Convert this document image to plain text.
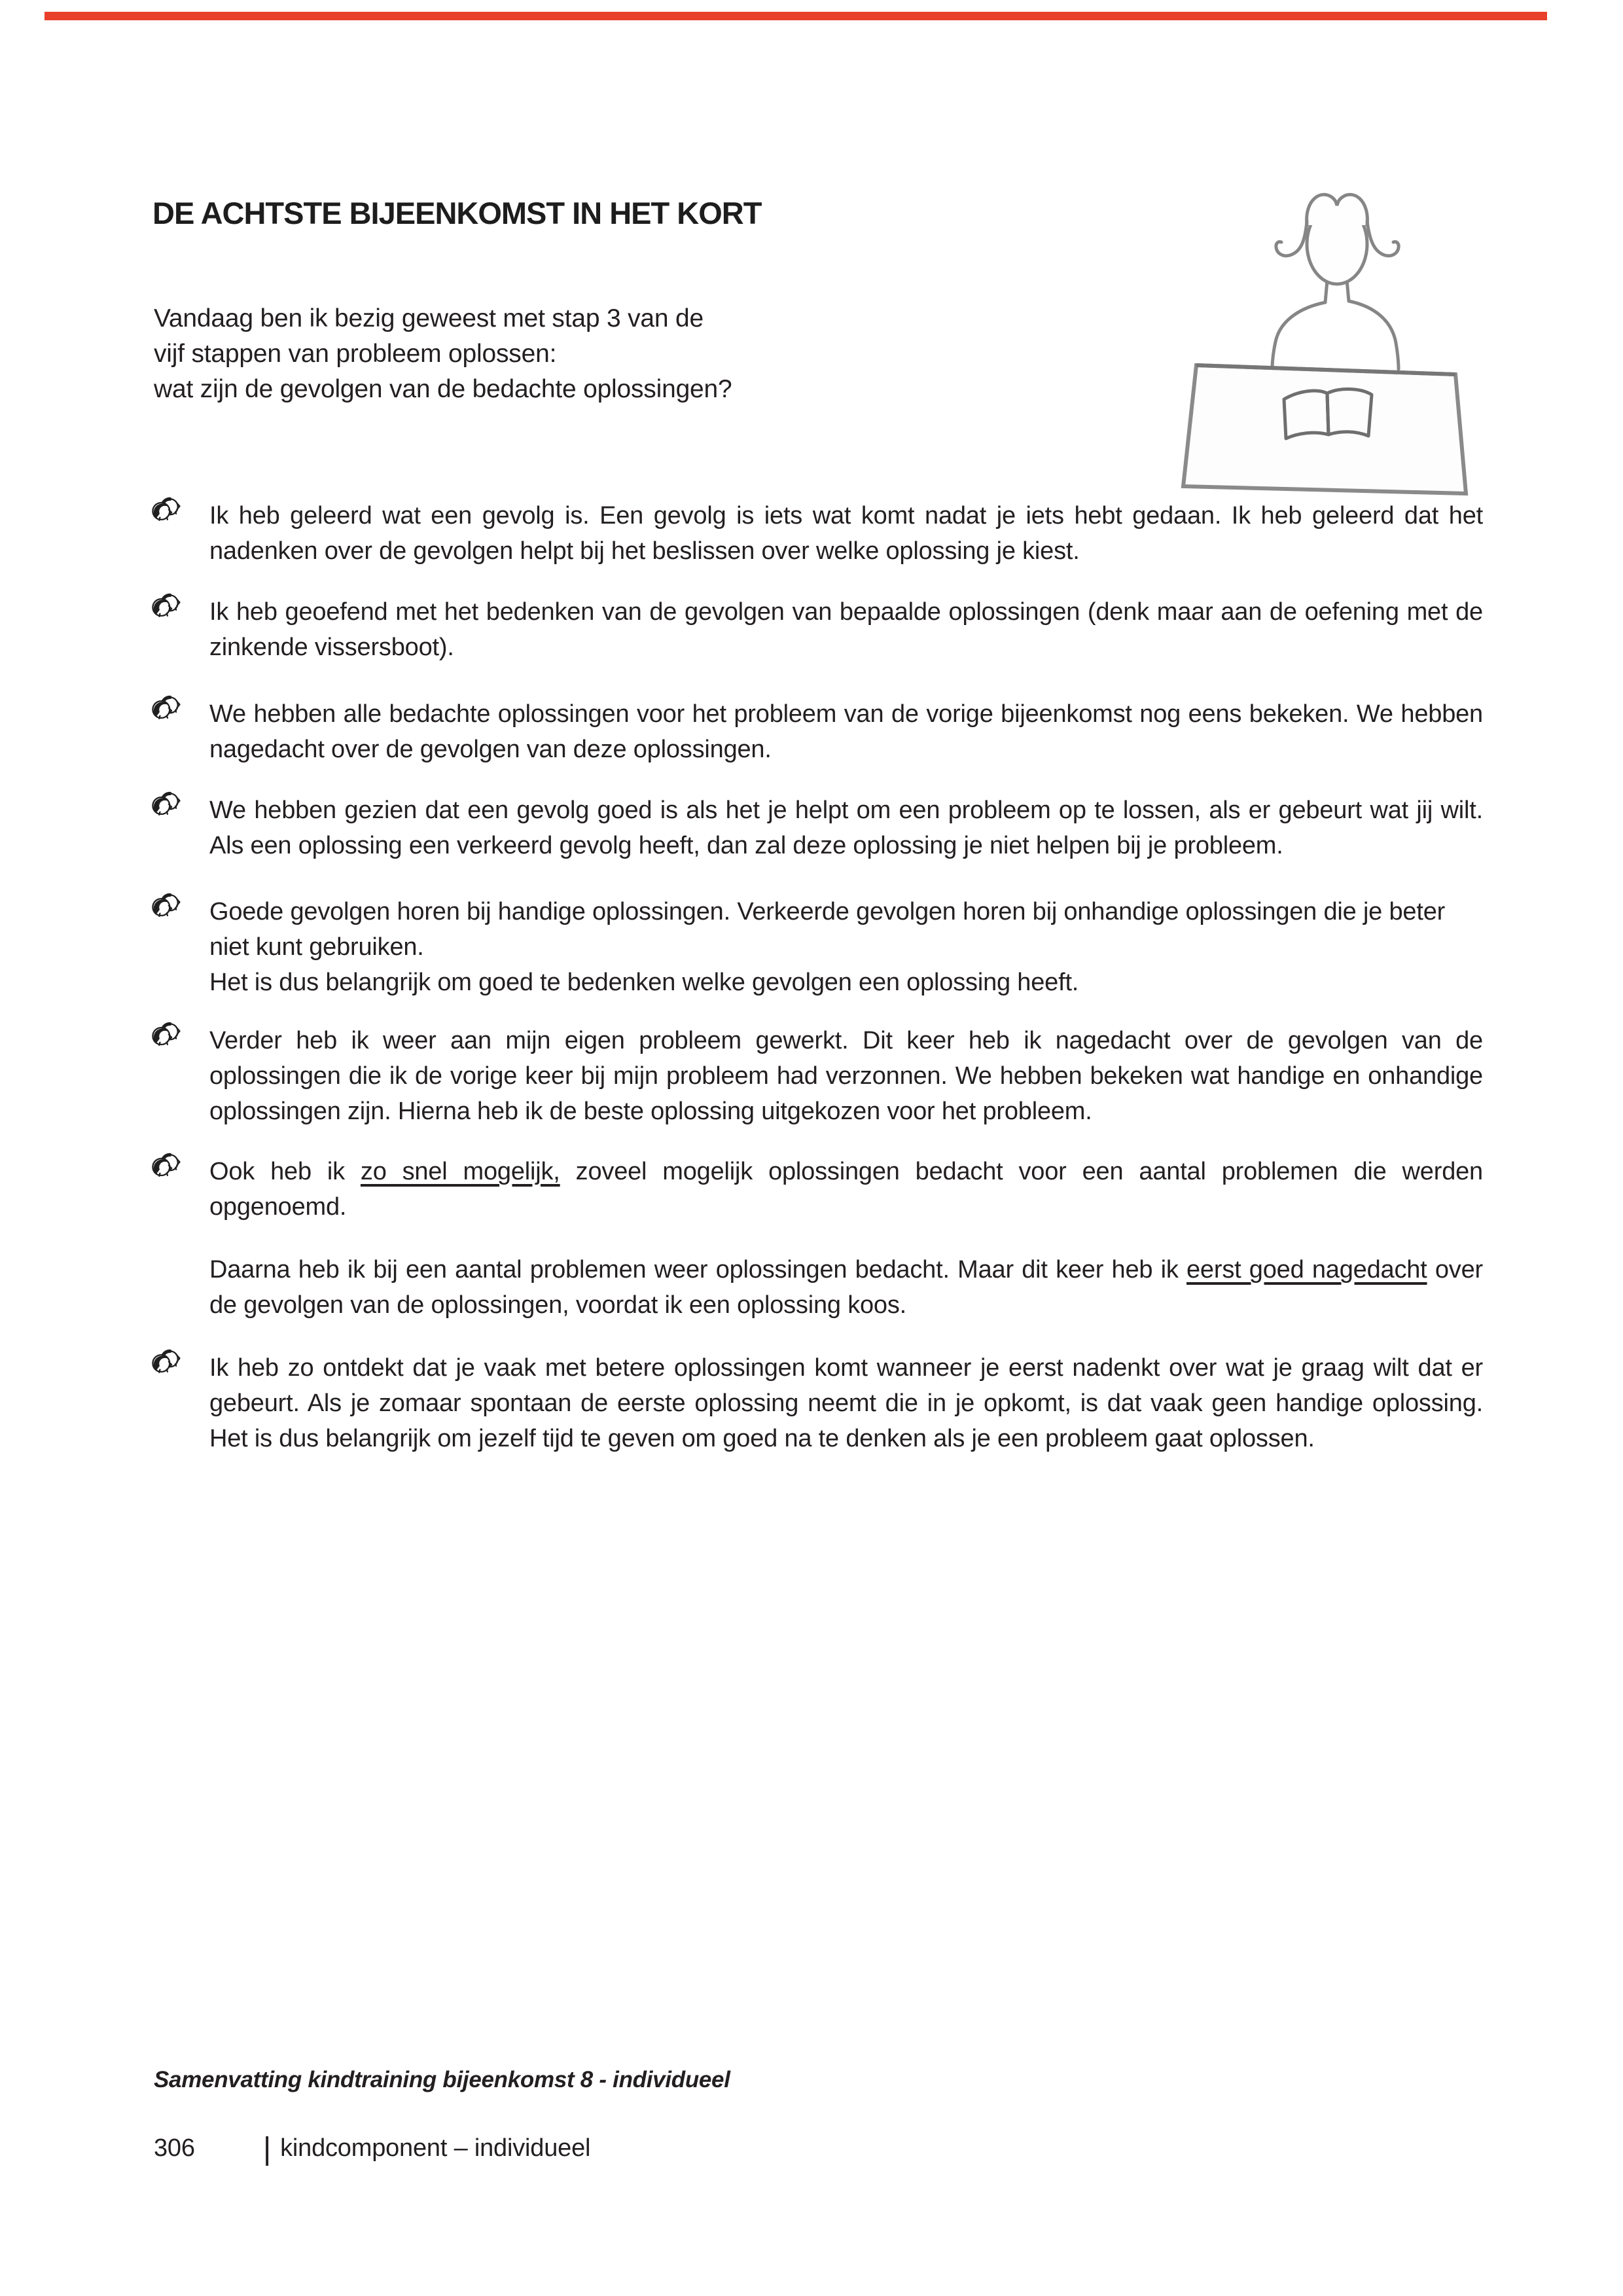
DE ACHTSTE BIJEENKOMST IN HET KORT
Vandaag ben ik bezig geweest met stap 3 van de
vijf stappen van probleem oplossen:
wat zijn de gevolgen van de bedachte oplossingen?

Ik heb geleerd wat een gevolg is. Een gevolg is iets wat komt nadat je iets hebt gedaan. Ik heb geleerd dat het nadenken over de gevolgen helpt bij het beslissen over welke oplossing je kiest.

Ik heb geoefend met het bedenken van de gevolgen van bepaalde oplossingen (denk maar aan de oefening met de zinkende vissersboot).

We hebben alle bedachte oplossingen voor het probleem van de vorige bijeenkomst nog eens bekeken. We hebben nagedacht over de gevolgen van deze oplossingen.

We hebben gezien dat een gevolg goed is als het je helpt om een probleem op te lossen, als er gebeurt wat jij wilt. Als een oplossing een verkeerd gevolg heeft, dan zal deze oplossing je niet helpen bij je probleem.

Goede gevolgen horen bij handige oplossingen. Verkeerde gevolgen horen bij onhandige oplossingen die je beter niet kunt gebruiken.
Het is dus belangrijk om goed te bedenken welke gevolgen een oplossing heeft.

Verder heb ik weer aan mijn eigen probleem gewerkt. Dit keer heb ik nagedacht over de gevolgen van de oplossingen die ik de vorige keer bij mijn probleem had verzonnen. We hebben bekeken wat handige en onhandige oplossingen zijn. Hierna heb ik de beste oplossing uitgekozen voor het probleem.

Ook heb ik zo snel mogelijk, zoveel mogelijk oplossingen bedacht voor een aantal problemen die werden opgenoemd.

Daarna heb ik bij een aantal problemen weer oplossingen bedacht. Maar dit keer heb ik eerst goed nagedacht over de gevolgen van de oplossingen, voordat ik een oplossing koos.

Ik heb zo ontdekt dat je vaak met betere oplossingen komt wanneer je eerst nadenkt over wat je graag wilt dat er gebeurt. Als je zomaar spontaan de eerste oplossing neemt die in je opkomt, is dat vaak geen handige oplossing. Het is dus belangrijk om jezelf tijd te geven om goed na te denken als je een probleem gaat oplossen.

Samenvatting kindtraining bijeenkomst 8 - individueel
306 | kindcomponent – individueel
